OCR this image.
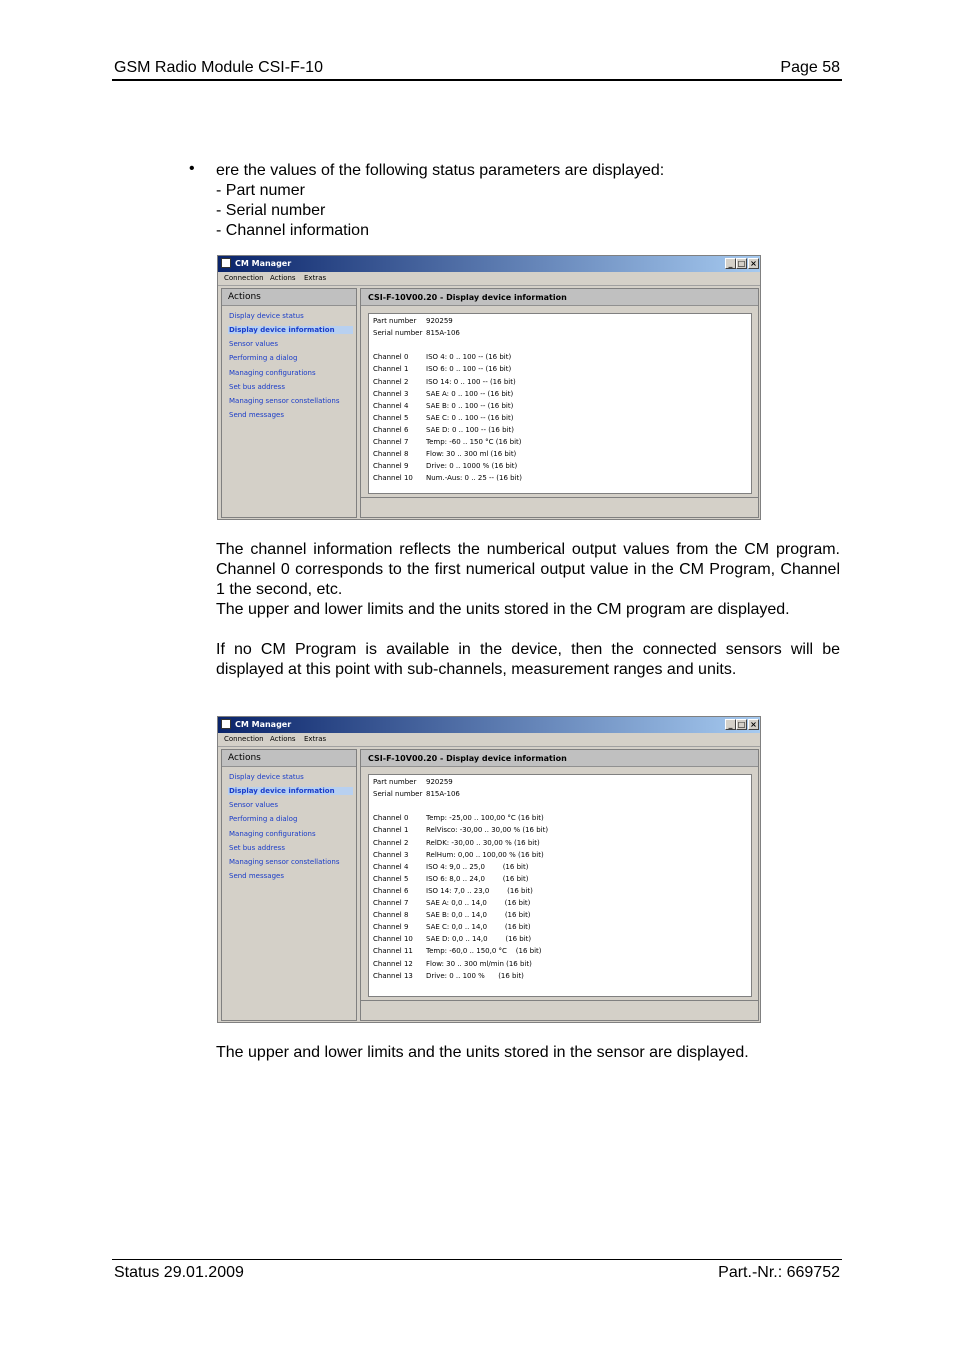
GSM Radio Module CSI-F-10	Page 58
• ere the values of the following status parameters are displayed:
- Part numer
- Serial number
- Channel information
CM Manager	_ □ ×
Connection Actions Extras
Actions
Display device status
Display device information
Sensor values
Performing a dialog
Managing configurations
Set bus address
Managing sensor constellations
Send messages
CSI-F-10V00.20 - Display device information
Part number 920259
Serial number 815A-106
Channel 0	ISO 4: 0 .. 100 -- (16 bit)
Channel 1	ISO 6: 0 .. 100 -- (16 bit)
Channel 2	ISO 14: 0 .. 100 -- (16 bit)
Channel 3	SAE A: 0 .. 100 -- (16 bit)
Channel 4	SAE B: 0 .. 100 -- (16 bit)
Channel 5	SAE C: 0 .. 100 -- (16 bit)
Channel 6	SAE D: 0 .. 100 -- (16 bit)
Channel 7	Temp: -60 .. 150 °C (16 bit)
Channel 8	Flow: 30 .. 300 ml (16 bit)
Channel 9	Drive: 0 .. 1000 % (16 bit)
Channel 10 Num.-Aus: 0 .. 25 -- (16 bit)

The channel information reflects the numberical output values from the CM program. Channel 0 corresponds to the first numerical output value in the CM Program, Channel 1 the second, etc.

The upper and lower limits and the units stored in the CM program are displayed.

If no CM Program is available in the device, then the connected sensors will be displayed at this point with sub-channels, measurement ranges and units.

CM Manager	_ □ ×
Connection Actions Extras
Actions
Display device status
Display device information
Sensor values
Performing a dialog
Managing configurations
Set bus address
Managing sensor constellations
Send messages
CSI-F-10V00.20 - Display device information
Part number 920259
Serial number 815A-106
Channel 0	Temp: -25,00 .. 100,00 °C (16 bit)
Channel 1	RelVisco: -30,00 .. 30,00 % (16 bit)
Channel 2	RelDK: -30,00 .. 30,00 % (16 bit)
Channel 3	RelHum: 0,00 .. 100,00 % (16 bit)
Channel 4	ISO 4: 9,0 .. 25,0        (16 bit)
Channel 5	ISO 6: 8,0 .. 24,0        (16 bit)
Channel 6	ISO 14: 7,0 .. 23,0        (16 bit)
Channel 7	SAE A: 0,0 .. 14,0        (16 bit)
Channel 8	SAE B: 0,0 .. 14,0        (16 bit)
Channel 9	SAE C: 0,0 .. 14,0        (16 bit)
Channel 10 SAE D: 0,0 .. 14,0        (16 bit)
Channel 11 Temp: -60,0 .. 150,0 °C    (16 bit)
Channel 12 Flow: 30 .. 300 ml/min (16 bit)
Channel 13 Drive: 0 .. 100 %      (16 bit)
The upper and lower limits and the units stored in the sensor are displayed.
Status 29.01.2009	Part.-Nr.: 669752
